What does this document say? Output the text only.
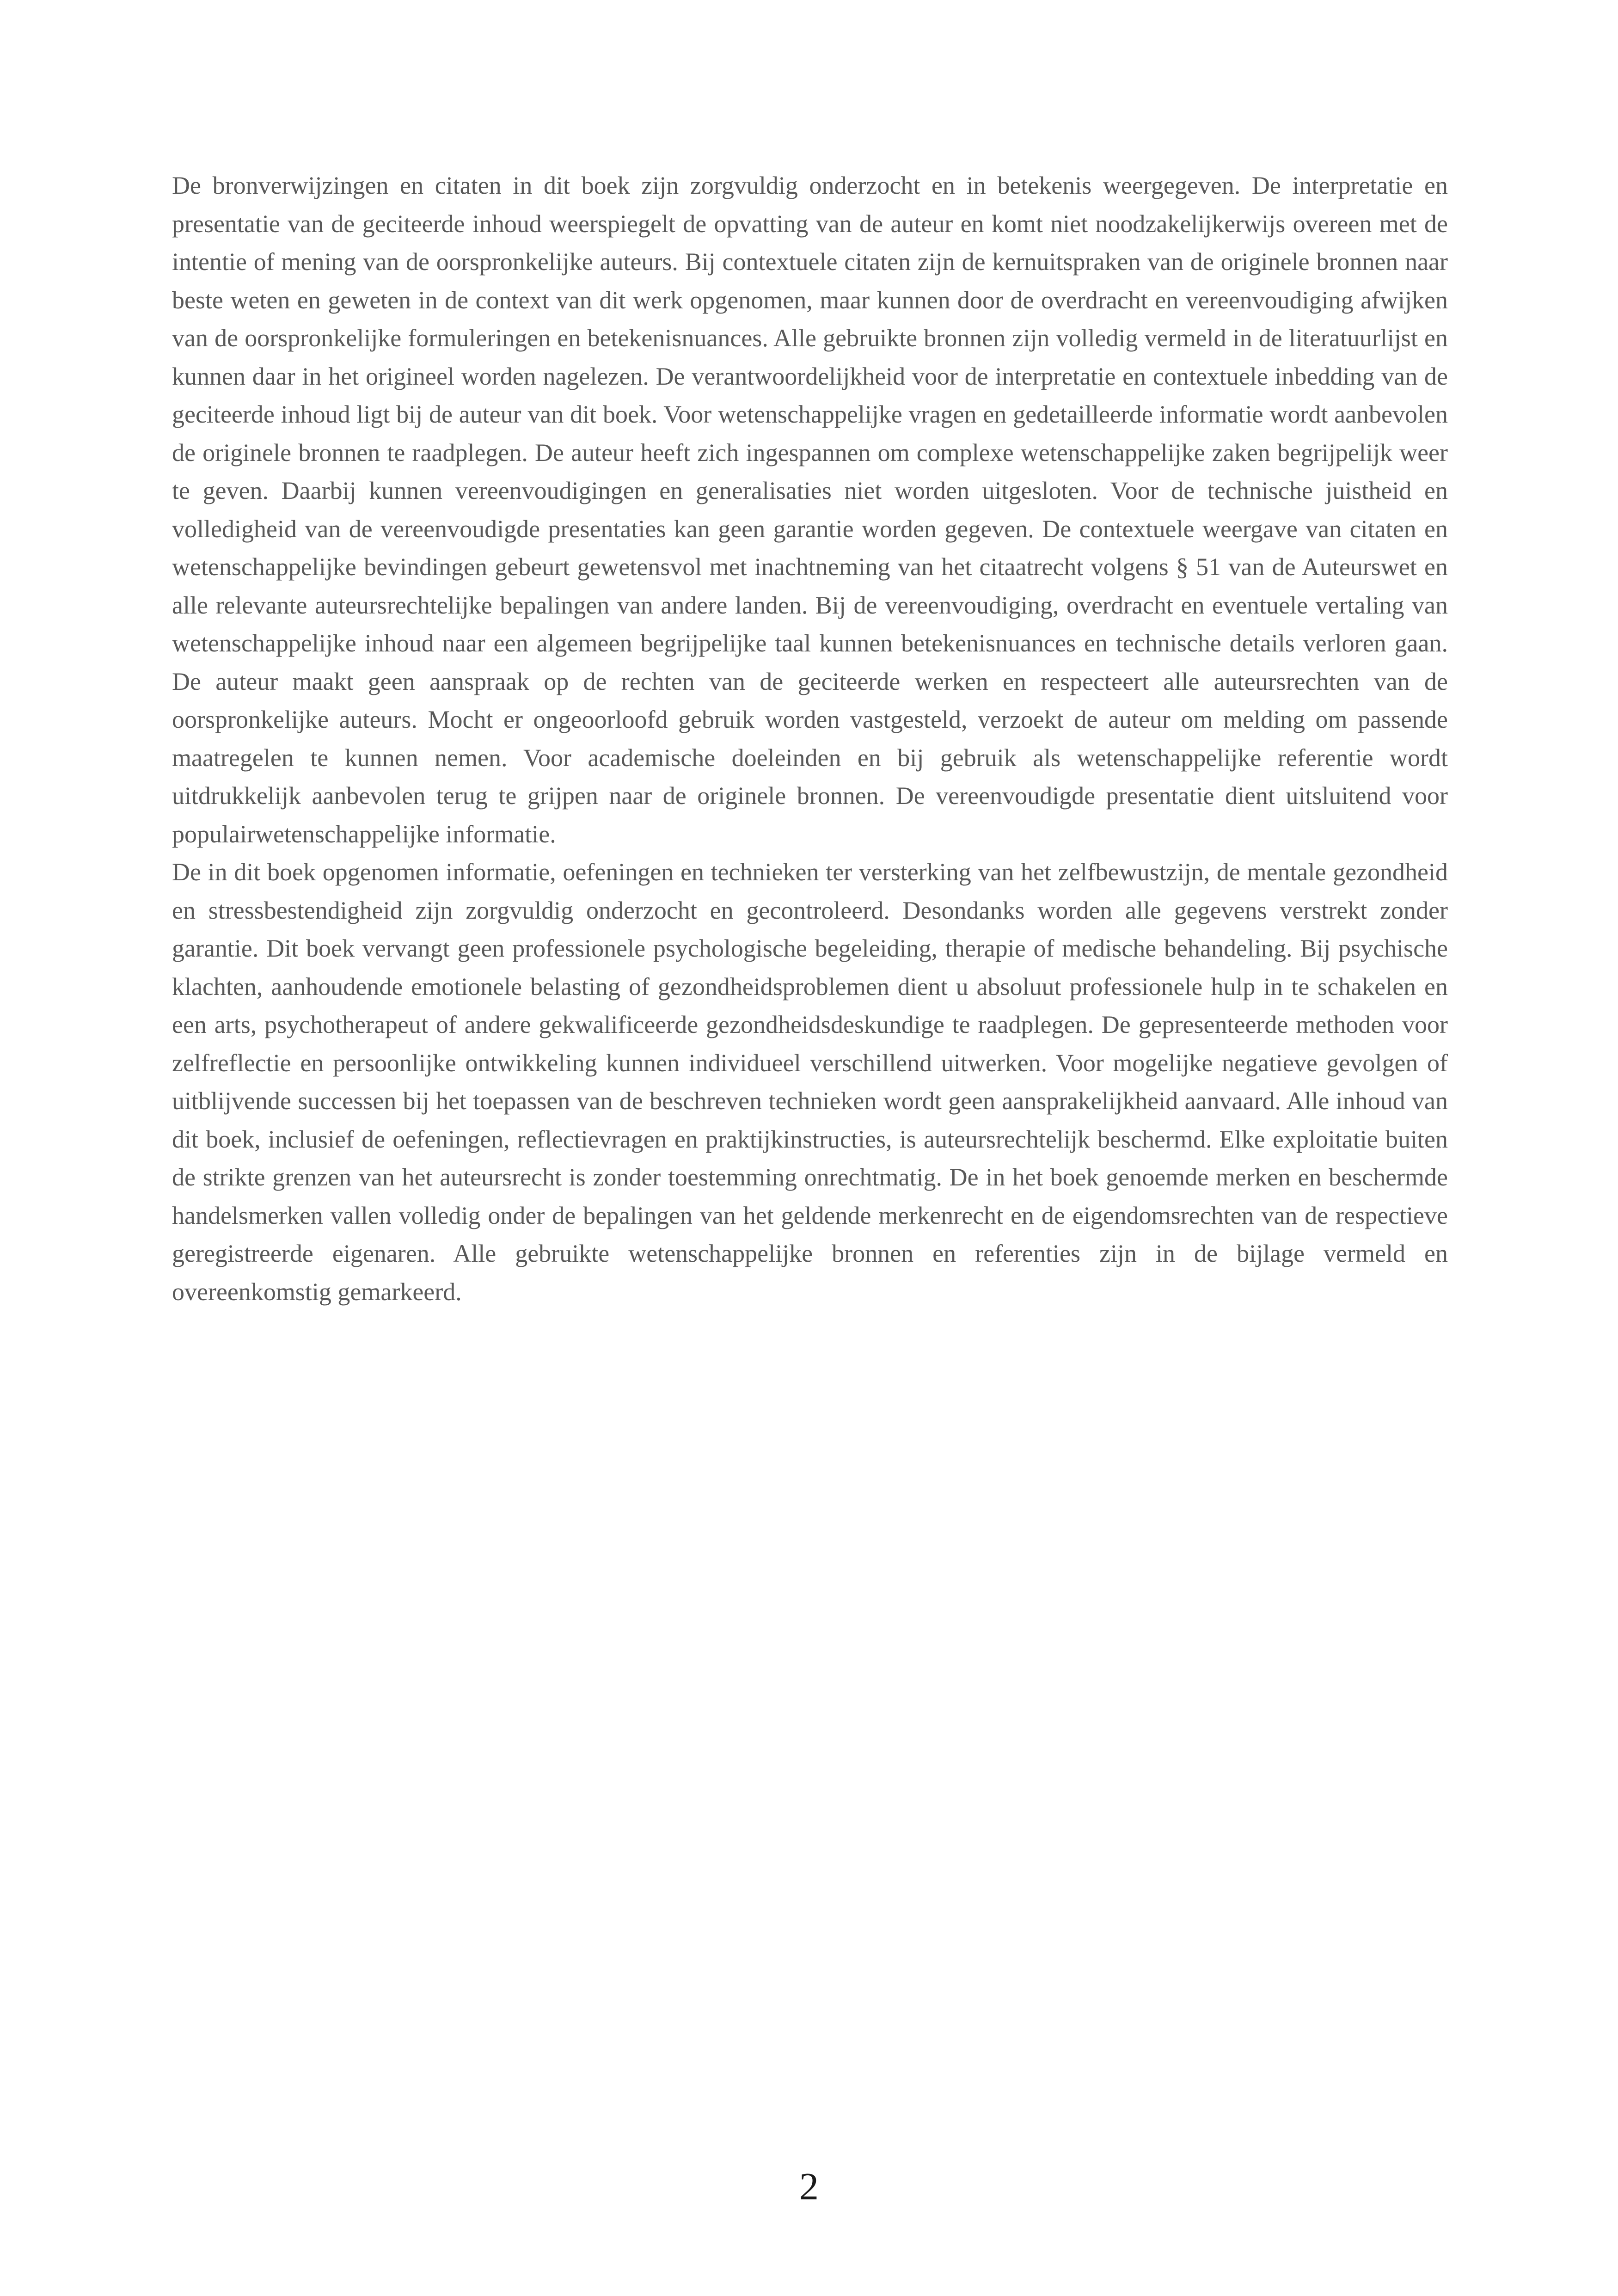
De bronverwijzingen en citaten in dit boek zijn zorgvuldig onderzocht en in betekenis weergegeven. De interpretatie en presentatie van de geciteerde inhoud weerspiegelt de opvatting van de auteur en komt niet noodzakelijkerwijs overeen met de intentie of mening van de oorspronkelijke auteurs. Bij contextuele citaten zijn de kernuitspraken van de originele bronnen naar beste weten en geweten in de context van dit werk opgenomen, maar kunnen door de overdracht en vereenvoudiging afwijken van de oorspronkelijke formuleringen en betekenisnuances. Alle gebruikte bronnen zijn volledig vermeld in de literatuurlijst en kunnen daar in het origineel worden nagelezen. De verantwoordelijkheid voor de interpretatie en contextuele inbedding van de geciteerde inhoud ligt bij de auteur van dit boek. Voor wetenschappelijke vragen en gedetailleerde informatie wordt aanbevolen de originele bronnen te raadplegen. De auteur heeft zich ingespannen om complexe wetenschappelijke zaken begrijpelijk weer te geven. Daarbij kunnen vereenvoudigingen en generalisaties niet worden uitgesloten. Voor de technische juistheid en volledigheid van de vereenvoudigde presentaties kan geen garantie worden gegeven. De contextuele weergave van citaten en wetenschappelijke bevindingen gebeurt gewetensvol met inachtneming van het citaatrecht volgens § 51 van de Auteurswet en alle relevante auteursrechtelijke bepalingen van andere landen. Bij de vereenvoudiging, overdracht en eventuele vertaling van wetenschappelijke inhoud naar een algemeen begrijpelijke taal kunnen betekenisnuances en technische details verloren gaan. De auteur maakt geen aanspraak op de rechten van de geciteerde werken en respecteert alle auteursrechten van de oorspronkelijke auteurs. Mocht er ongeoorloofd gebruik worden vastgesteld, verzoekt de auteur om melding om passende maatregelen te kunnen nemen. Voor academische doeleinden en bij gebruik als wetenschappelijke referentie wordt uitdrukkelijk aanbevolen terug te grijpen naar de originele bronnen. De vereenvoudigde presentatie dient uitsluitend voor populairwetenschappelijke informatie.

De in dit boek opgenomen informatie, oefeningen en technieken ter versterking van het zelfbewustzijn, de mentale gezondheid en stressbestendigheid zijn zorgvuldig onderzocht en gecontroleerd. Desondanks worden alle gegevens verstrekt zonder garantie. Dit boek vervangt geen professionele psychologische begeleiding, therapie of medische behandeling. Bij psychische klachten, aanhoudende emotionele belasting of gezondheidsproblemen dient u absoluut professionele hulp in te schakelen en een arts, psychotherapeut of andere gekwalificeerde gezondheidsdeskundige te raadplegen. De gepresenteerde methoden voor zelfreflectie en persoonlijke ontwikkeling kunnen individueel verschillend uitwerken. Voor mogelijke negatieve gevolgen of uitblijvende successen bij het toepassen van de beschreven technieken wordt geen aansprakelijkheid aanvaard. Alle inhoud van dit boek, inclusief de oefeningen, reflectievragen en praktijkinstructies, is auteursrechtelijk beschermd. Elke exploitatie buiten de strikte grenzen van het auteursrecht is zonder toestemming onrechtmatig. De in het boek genoemde merken en beschermde handelsmerken vallen volledig onder de bepalingen van het geldende merkenrecht en de eigendomsrechten van de respectieve geregistreerde eigenaren. Alle gebruikte wetenschappelijke bronnen en referenties zijn in de bijlage vermeld en overeenkomstig gemarkeerd.

2
